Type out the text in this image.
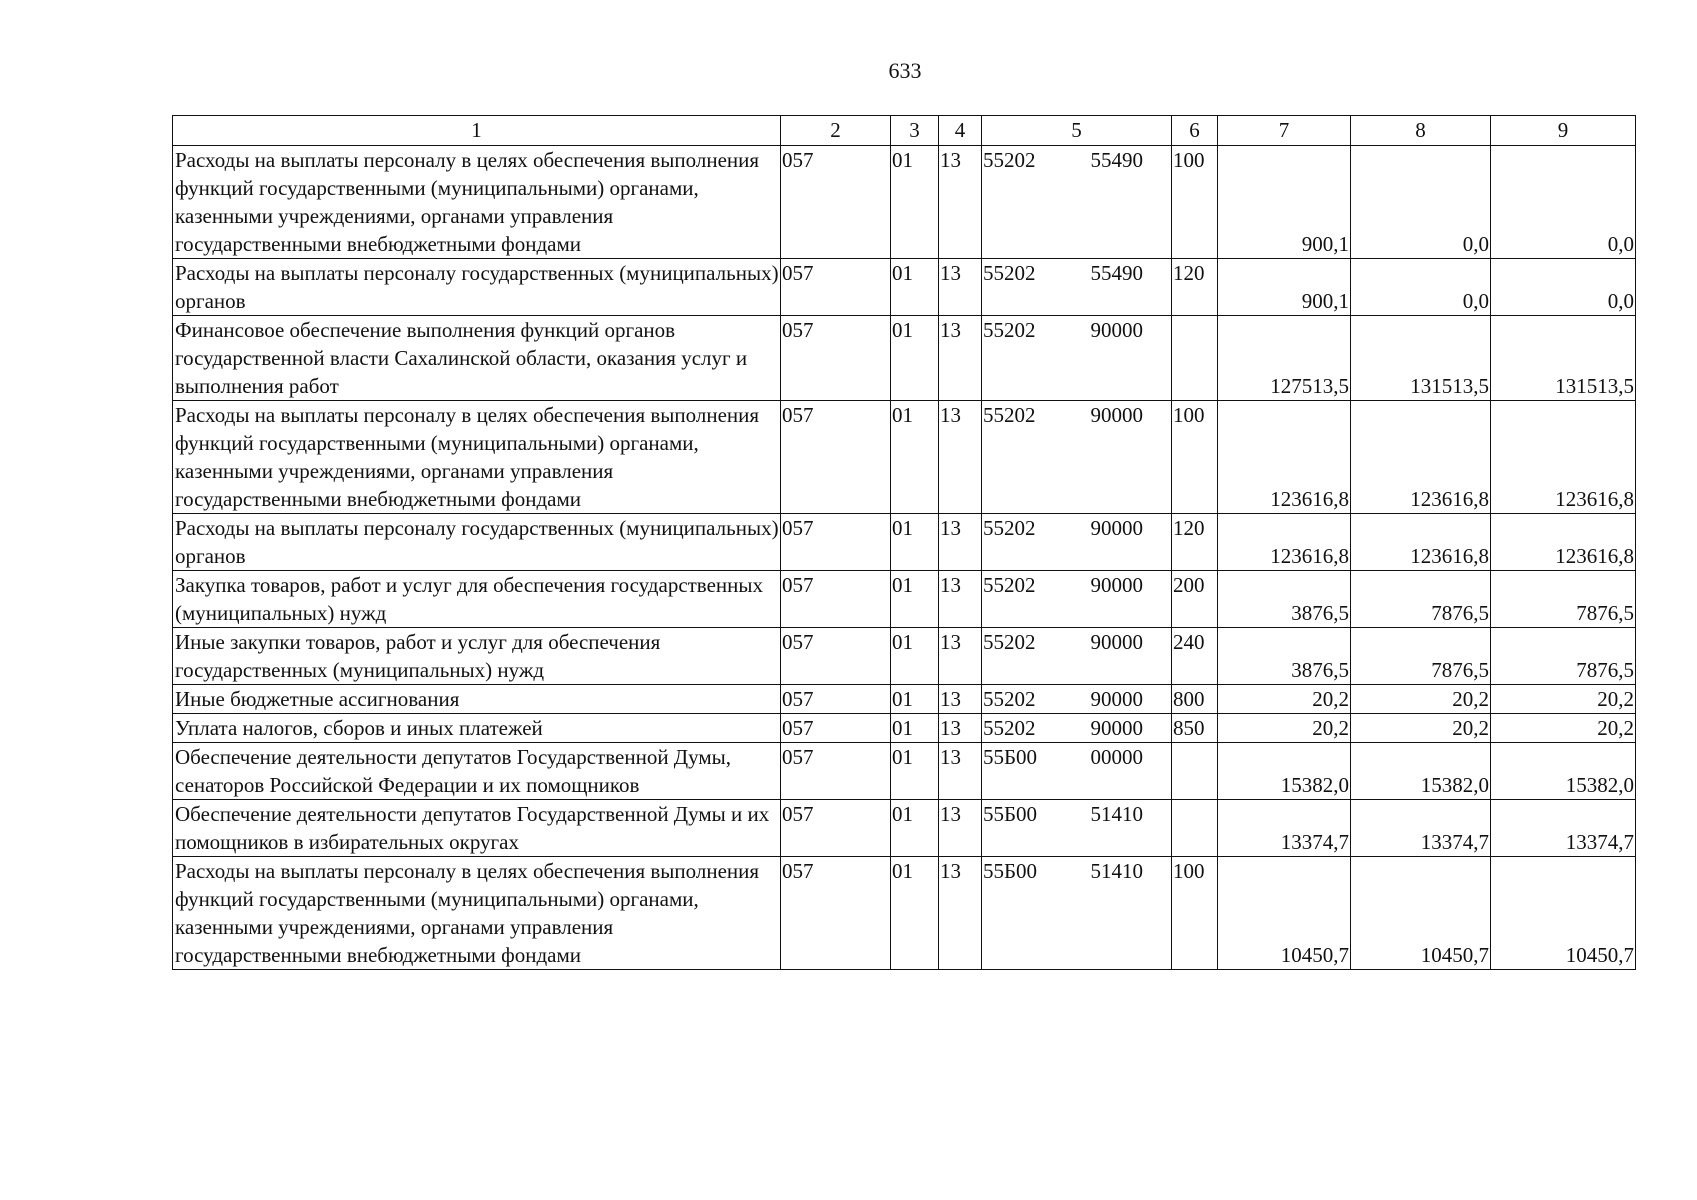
633
1	2	3	4	5	6	7	8	9
Расходы на выплаты персоналу в целях обеспечения выполнения функций государственными (муниципальными) органами, казенными учреждениями, органами управления государственными внебюджетными фондами	057	01	13	55202 55490	100	900,1	0,0	0,0
Расходы на выплаты персоналу государственных (муниципальных) органов	057	01	13	55202 55490	120	900,1	0,0	0,0
Финансовое обеспечение выполнения функций органов государственной власти Сахалинской области, оказания услуг и выполнения работ	057	01	13	55202 90000		127513,5	131513,5	131513,5
Расходы на выплаты персоналу в целях обеспечения выполнения функций государственными (муниципальными) органами, казенными учреждениями, органами управления государственными внебюджетными фондами	057	01	13	55202 90000	100	123616,8	123616,8	123616,8
Расходы на выплаты персоналу государственных (муниципальных) органов	057	01	13	55202 90000	120	123616,8	123616,8	123616,8
Закупка товаров, работ и услуг для обеспечения государственных (муниципальных) нужд	057	01	13	55202 90000	200	3876,5	7876,5	7876,5
Иные закупки товаров, работ и услуг для обеспечения государственных (муниципальных) нужд	057	01	13	55202 90000	240	3876,5	7876,5	7876,5
Иные бюджетные ассигнования	057	01	13	55202 90000	800	20,2	20,2	20,2
Уплата налогов, сборов и иных платежей	057	01	13	55202 90000	850	20,2	20,2	20,2
Обеспечение деятельности депутатов Государственной Думы, сенаторов Российской Федерации и их помощников	057	01	13	55Б00 00000		15382,0	15382,0	15382,0
Обеспечение деятельности депутатов Государственной Думы и их помощников в избирательных округах	057	01	13	55Б00 51410		13374,7	13374,7	13374,7
Расходы на выплаты персоналу в целях обеспечения выполнения функций государственными (муниципальными) органами, казенными учреждениями, органами управления государственными внебюджетными фондами	057	01	13	55Б00 51410	100	10450,7	10450,7	10450,7
